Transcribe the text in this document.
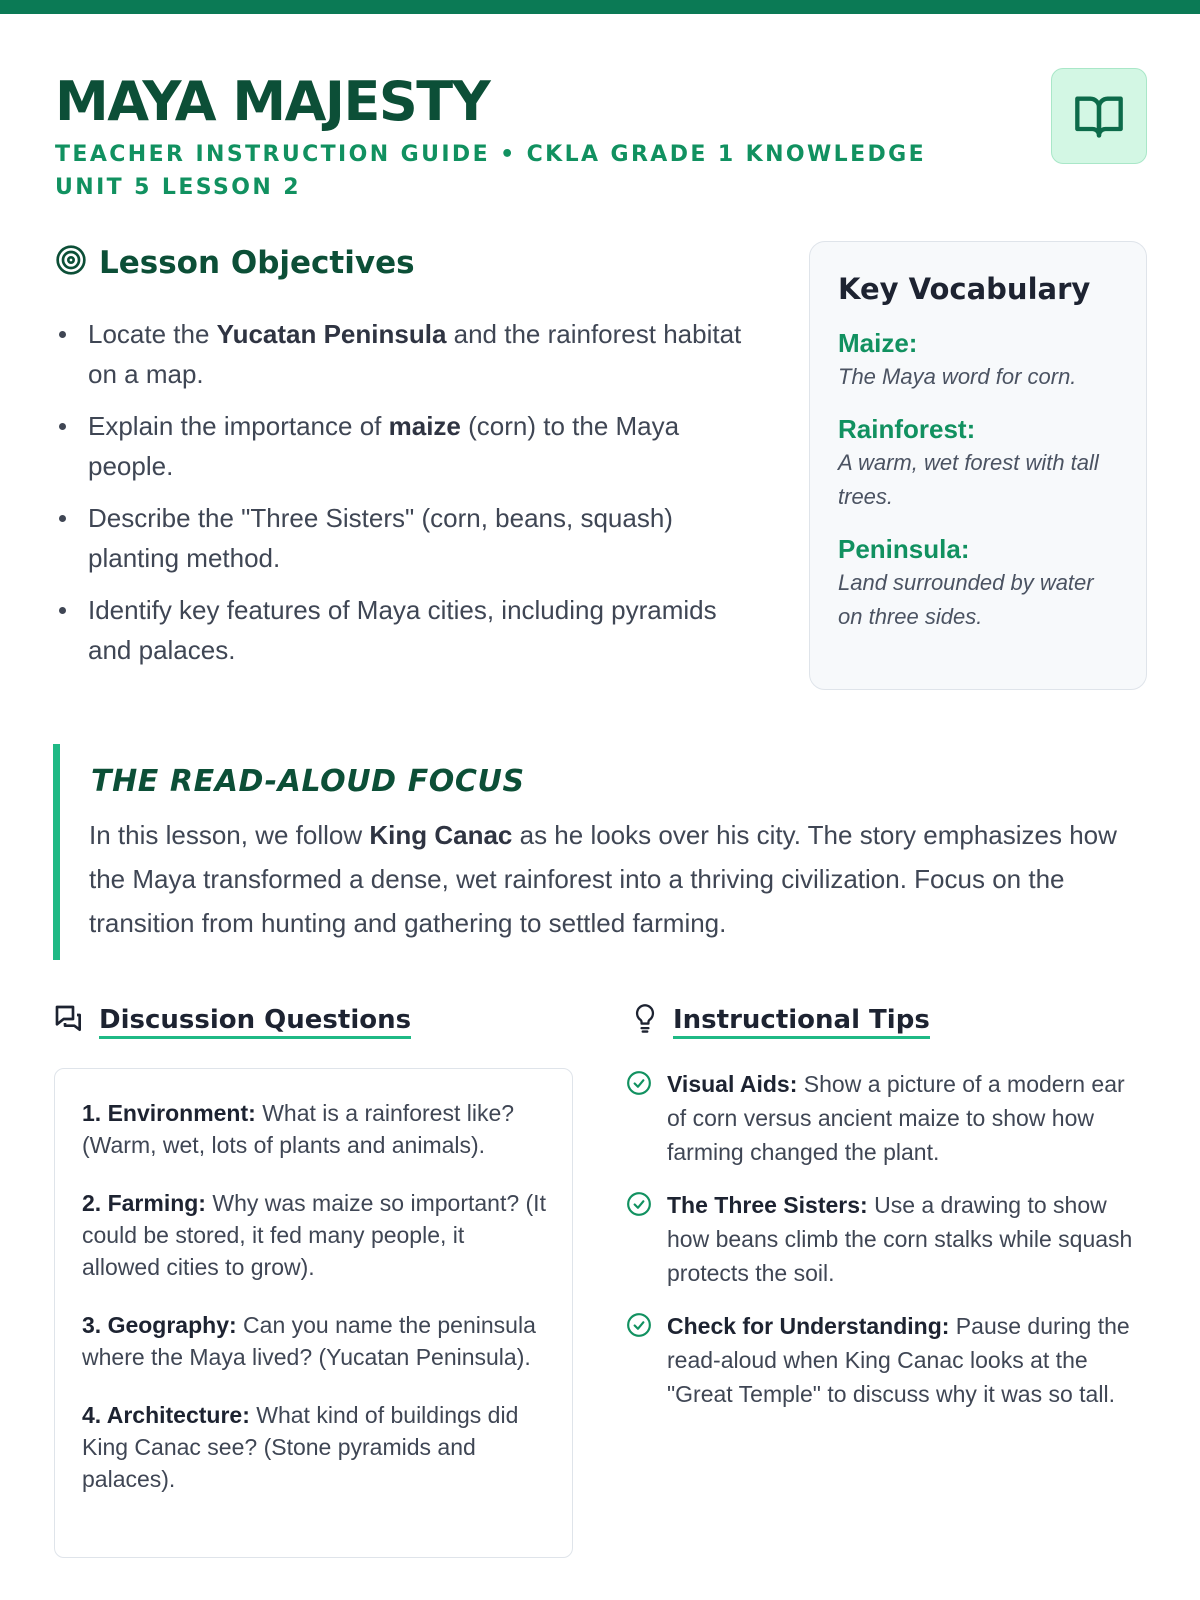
MAYA MAJESTY
TEACHER INSTRUCTION GUIDE • CKLA GRADE 1 KNOWLEDGE UNIT 5 LESSON 2
Lesson Objectives
Locate the Yucatan Peninsula and the rainforest habitat on a map.
Explain the importance of maize (corn) to the Maya people.
Describe the "Three Sisters" (corn, beans, squash) planting method.
Identify key features of Maya cities, including pyramids and palaces.
Key Vocabulary
Maize:
The Maya word for corn.
Rainforest:
A warm, wet forest with tall trees.
Peninsula:
Land surrounded by water on three sides.
THE READ-ALOUD FOCUS
In this lesson, we follow King Canac as he looks over his city. The story emphasizes how the Maya transformed a dense, wet rainforest into a thriving civilization. Focus on the transition from hunting and gathering to settled farming.
Discussion Questions
1. Environment: What is a rainforest like? (Warm, wet, lots of plants and animals).
2. Farming: Why was maize so important? (It could be stored, it fed many people, it allowed cities to grow).
3. Geography: Can you name the peninsula where the Maya lived? (Yucatan Peninsula).
4. Architecture: What kind of buildings did King Canac see? (Stone pyramids and palaces).
Instructional Tips
Visual Aids: Show a picture of a modern ear of corn versus ancient maize to show how farming changed the plant.
The Three Sisters: Use a drawing to show how beans climb the corn stalks while squash protects the soil.
Check for Understanding: Pause during the read-aloud when King Canac looks at the "Great Temple" to discuss why it was so tall.
